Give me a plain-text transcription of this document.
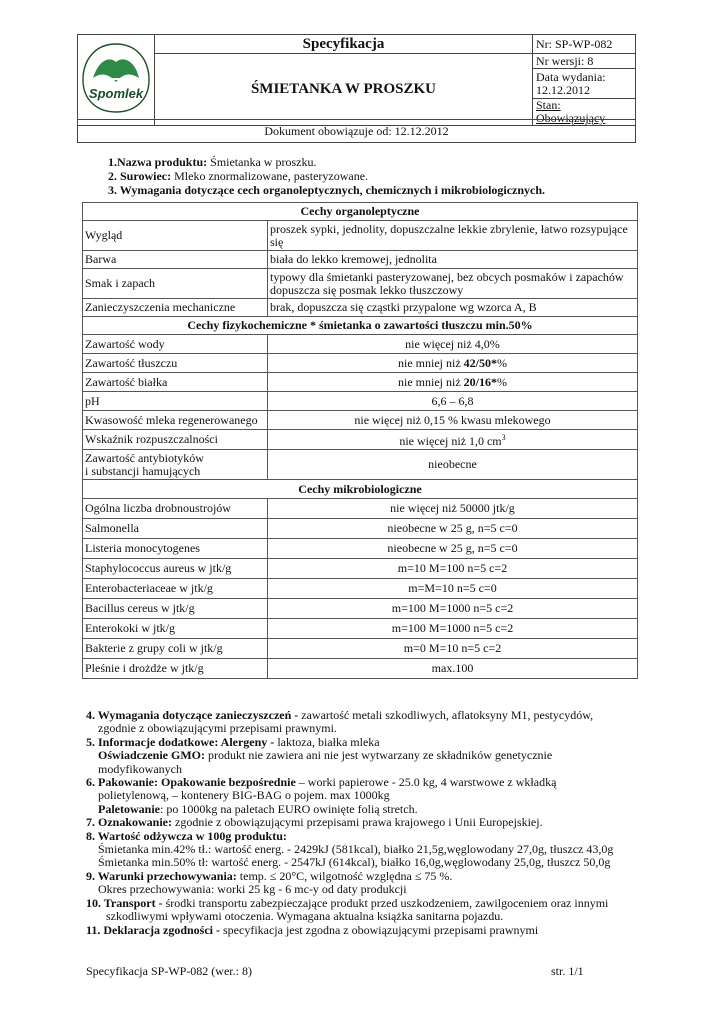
Spomlek	Specyfikacja	Nr: SP-WP-082
	ŚMIETANKA W PROSZKU	Nr wersji: 8

		Data wydania:
12.12.2012

		Stan: Obowiązujący
Dokument obowiązuje od: 12.12.2012
1.Nazwa produktu: Śmietanka w proszku.
2. Surowiec: Mleko znormalizowane, pasteryzowane.
3. Wymagania dotyczące cech organoleptycznych, chemicznych i mikrobiologicznych.
Cechy organoleptyczne	
Wygląd	proszek sypki, jednolity, dopuszczalne lekkie zbrylenie, łatwo rozsypujące się
Barwa	biała do lekko kremowej, jednolita
Smak i zapach	typowy dla śmietanki pasteryzowanej, bez obcych posmaków i zapachów dopuszcza się posmak lekko tłuszczowy
Zanieczyszczenia mechaniczne	brak, dopuszcza się cząstki przypalone wg wzorca A, B
Cechy fizykochemiczne * śmietanka o zawartości tłuszczu min.50%	
Zawartość wody	nie więcej niż 4,0%
Zawartość tłuszczu	nie mniej niż 42/50*%
Zawartość białka	nie mniej niż 20/16*%
pH	6,6 – 6,8
Kwasowość mleka regenerowanego	nie więcej niż 0,15 % kwasu mlekowego
Wskaźnik rozpuszczalności	nie więcej niż 1,0 $cm^3$

Zawartość antybiotyków
i substancji hamujących	nieobecne
Cechy mikrobiologiczne	
Ogólna liczba drobnoustrojów	nie więcej niż 50000 jtk/g
Salmonella	nieobecne w 25 g, n=5 c=0
Listeria monocytogenes	nieobecne w 25 g, n=5 c=0
Staphylococcus aureus w jtk/g	m=10 M=100 n=5 c=2
Enterobacteriaceae w jtk/g	m=M=10 n=5 c=0
Bacillus cereus w jtk/g	m=100 M=1000 n=5 c=2
Enterokoki w jtk/g	m=100 M=1000 n=5 c=2
Bakterie z grupy coli w jtk/g	m=0 M=10 n=5 c=2
Pleśnie i drożdże w jtk/g	max.100
4. Wymagania dotyczące zanieczyszczeń - zawartość metali szkodliwych, aflatoksyny M1, pestycydów,
zgodnie z obowiązującymi przepisami prawnymi.
5. Informacje dodatkowe: Alergeny - laktoza, białka mleka
Oświadczenie GMO: produkt nie zawiera ani nie jest wytwarzany ze składników genetycznie
modyfikowanych
6. Pakowanie: Opakowanie bezpośrednie – worki papierowe - 25.0 kg, 4 warstwowe z wkładką
polietylenową, – kontenery BIG-BAG o pojem. max 1000kg
Paletowanie: po 1000kg na paletach EURO owinięte folią stretch.
7. Oznakowanie: zgodnie z obowiązującymi przepisami prawa krajowego i Unii Europejskiej.
8. Wartość odżywcza w 100g produktu:
Śmietanka min.42% tł.: wartość energ. - 2429kJ (581kcal), białko 21,5g,węglowodany 27,0g, tłuszcz 43,0g
Śmietanka min.50% tł: wartość energ. - 2547kJ (614kcal), białko 16,0g,węglowodany 25,0g, tłuszcz 50,0g
9. Warunki przechowywania: temp. ≤ 20°C, wilgotność względna ≤ 75 %.
Okres przechowywania: worki 25 kg - 6 mc-y od daty produkcji
10. Transport - środki transportu zabezpieczające produkt przed uszkodzeniem, zawilgoceniem oraz innymi
szkodliwymi wpływami otoczenia. Wymagana aktualna książka sanitarna pojazdu.
11. Deklaracja zgodności - specyfikacja jest zgodna z obowiązującymi przepisami prawnymi
Specyfikacja SP-WP-082 (wer.: 8)	str. 1/1
